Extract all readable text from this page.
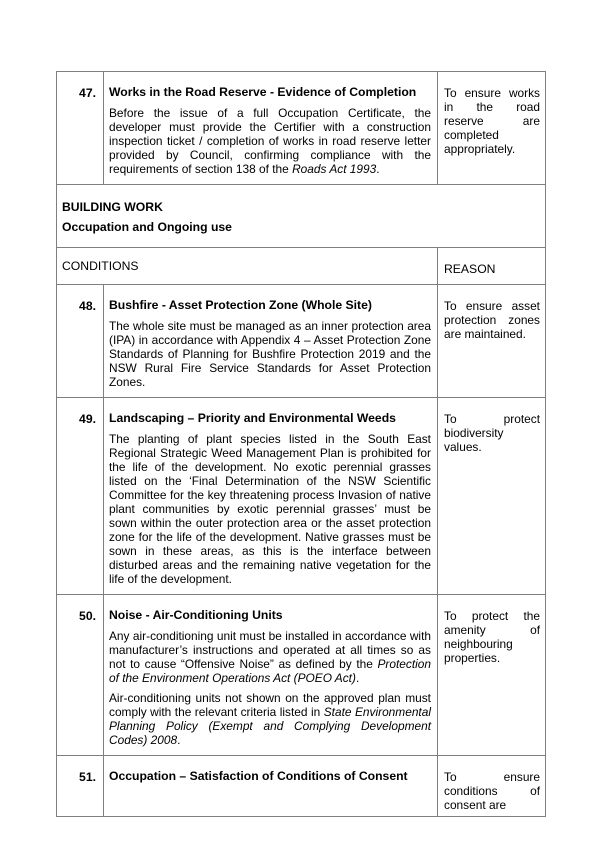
47.	Works in the Road Reserve - Evidence of Completion
Before the issue of a full Occupation Certificate, the developer must provide the Certifier with a construction inspection ticket / completion of works in road reserve letter provided by Council, confirming compliance with the requirements of section 138 of the Roads Act 1993.	To ensure works in the road reserve are completed appropriately.

BUILDING WORK
Occupation and Ongoing use		

CONDITIONS		REASON
48.	Bushfire - Asset Protection Zone (Whole Site)
The whole site must be managed as an inner protection area (IPA) in accordance with Appendix 4 – Asset Protection Zone Standards of Planning for Bushfire Protection 2019 and the NSW Rural Fire Service Standards for Asset Protection Zones.	To ensure asset protection zones are maintained.
49.	Landscaping – Priority and Environmental Weeds
The planting of plant species listed in the South East Regional Strategic Weed Management Plan is prohibited for the life of the development. No exotic perennial grasses listed on the ‘Final Determination of the NSW Scientific Committee for the key threatening process Invasion of native plant communities by exotic perennial grasses’ must be sown within the outer protection area or the asset protection zone for the life of the development. Native grasses must be sown in these areas, as this is the interface between disturbed areas and the remaining native vegetation for the life of the development.	To protect biodiversity values.
50.	Noise - Air-Conditioning Units
Any air-conditioning unit must be installed in accordance with manufacturer’s instructions and operated at all times so as not to cause “Offensive Noise” as defined by the Protection of the Environment Operations Act (POEO Act).
Air-conditioning units not shown on the approved plan must comply with the relevant criteria listed in State Environmental Planning Policy (Exempt and Complying Development Codes) 2008.	To protect the amenity of neighbouring properties.
51.	Occupation – Satisfaction of Conditions of Consent	To ensure conditions of consent are
